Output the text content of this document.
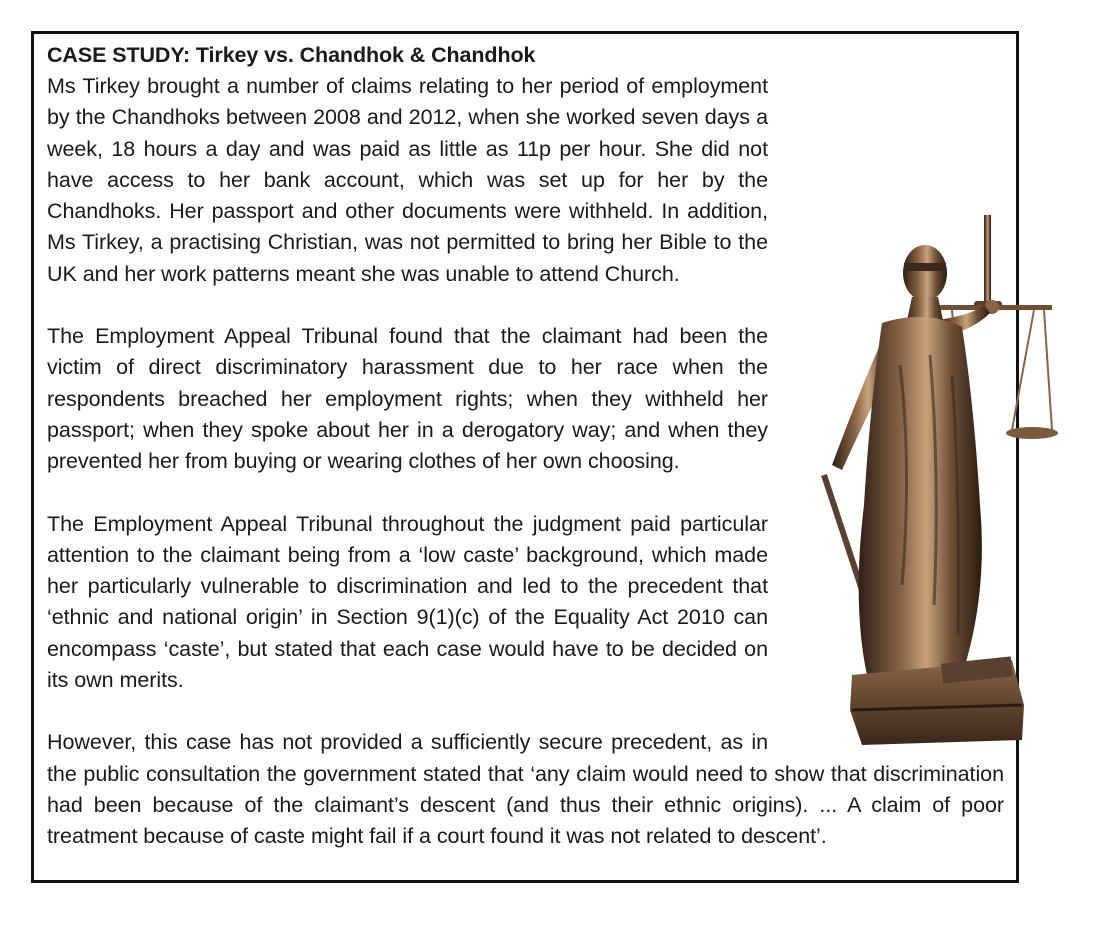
CASE STUDY: Tirkey vs. Chandhok & Chandhok

Ms Tirkey brought a number of claims relating to her period of employment by the Chandhoks between 2008 and 2012, when she worked seven days a week, 18 hours a day and was paid as little as 11p per hour. She did not have access to her bank account, which was set up for her by the Chandhoks. Her passport and other documents were withheld. In addition, Ms Tirkey, a practising Christian, was not permitted to bring her Bible to the UK and her work patterns meant she was unable to attend Church.

The Employment Appeal Tribunal found that the claimant had been the victim of direct discriminatory harassment due to her race when the respondents breached her employment rights; when they withheld her passport; when they spoke about her in a derogatory way; and when they prevented her from buying or wearing clothes of her own choosing.

The Employment Appeal Tribunal throughout the judgment paid particular attention to the claimant being from a ‘low caste’ background, which made her particularly vulnerable to discrimination and led to the precedent that ‘ethnic and national origin’ in Section 9(1)(c) of the Equality Act 2010 can encompass ‘caste’, but stated that each case would have to be decided on its own merits.

However, this case has not provided a sufficiently secure precedent, as in the public consultation the government stated that ‘any claim would need to show that discrimination had been because of the claimant’s descent (and thus their ethnic origins). ... A claim of poor treatment because of caste might fail if a court found it was not related to descent’.
